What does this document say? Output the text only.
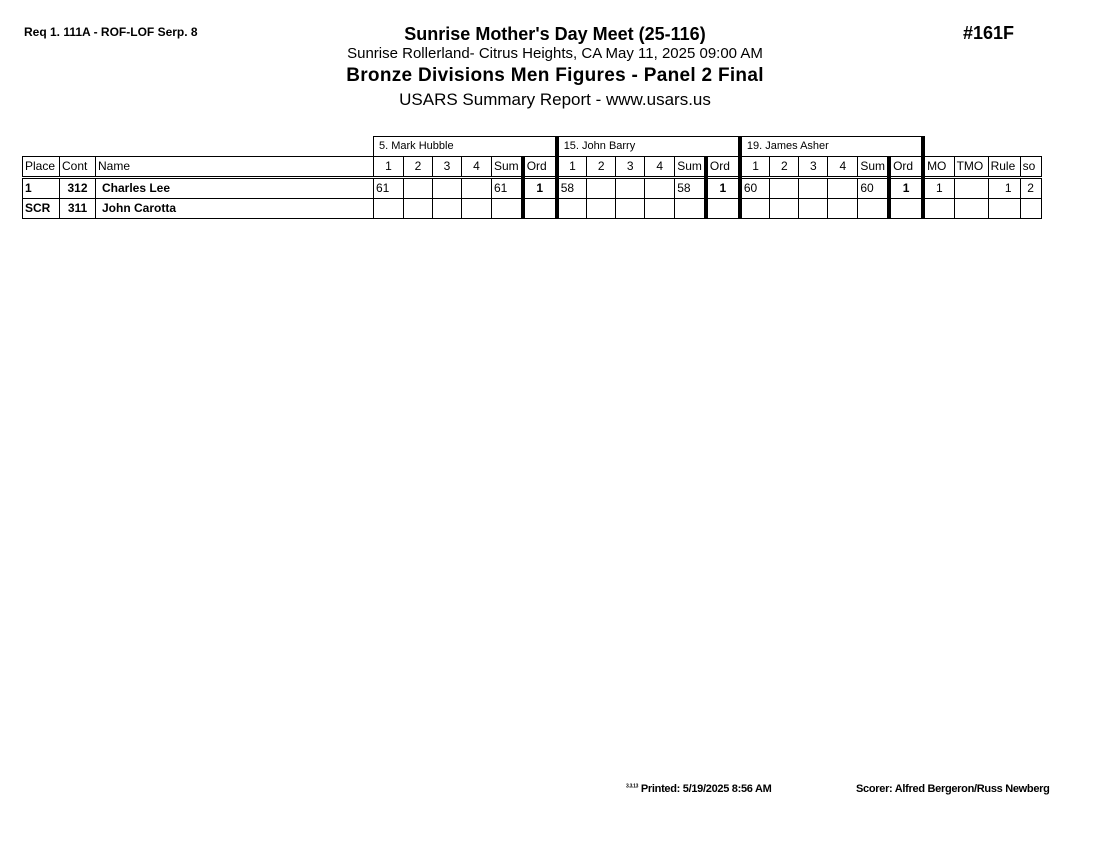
Req 1. 111A - ROF-LOF Serp. 8	#161F
Sunrise Mother's Day Meet (25-116)
Sunrise Rollerland- Citrus Heights, CA May 11, 2025 09:00 AM
Bronze Divisions Men Figures - Panel 2 Final
USARS Summary Report - www.usars.us
			5. Mark Hubble						15. John Barry						19. James Asher									
Place	Cont	Name	1	2	3	4	Sum	Ord	1	2	3	4	Sum	Ord	1	2	3	4	Sum	Ord	MO	TMO	Rule	so
1	312	Charles Lee	61				61	1	58				58	1	60				60	1	1		1	2
SCR	311	John Carotta																						
$^{3.3.13}$ Printed: 5/19/2025 8:56 AM	Scorer: Alfred Bergeron/Russ Newberg
